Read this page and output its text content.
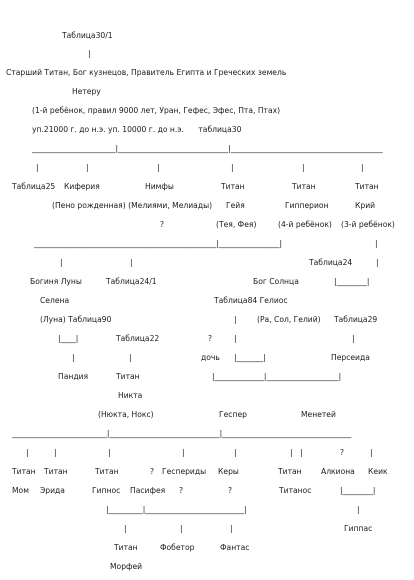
Таблица30/1
|
Старший Титан, Бог кузнецов, Правитель Египта и Греческих земель
Нетеру
(1-й ребёнок, правил 9000 лет, Уран, Гефес, Эфес, Пта, Птах)
уп.21000 г. до н.э. уп. 10000 г. до н.э.      таблица30
______________________|_____________________________|________________________________________
|	|	|	|	|	|
Таблица25 Киферия	Нимфы	Титан	Титан	Титан
(Пено рожденная) (Мелиями, Мелиады) Гейя	Гипперион	Крий
?	(Тея, Фея)	(4-й ребёнок) (3-й ребёнок)
________________________________________________|________________|	|
|	|	Таблица24	|
Богиня Луны	Таблица24/1	Бог Солнца	|________|
Селена	Таблица84 Гелиос
(Луна) Таблица90	|	(Ра, Сол, Гелий) Таблица29
|____|	Таблица22	?	|	|
|	|	дочь |_______|	Персеида
Пандия	Титан	|_____________|___________________|
Никта
(Нюкта, Нокс)	Геспер	Менетей
_________________________|_____________________________|__________________________________
|	|	|	|	|	| |	?	|
Титан Титан	Титан	? Геспериды Керы	Титан	Алкиона Кеик
Мом Эрида	Гипнос Пасифея ?	?	Титанос	|________|
|_________|__________________________|	|
|	|	|	Гиппас
Титан	Фобетор	Фантас
Морфей
